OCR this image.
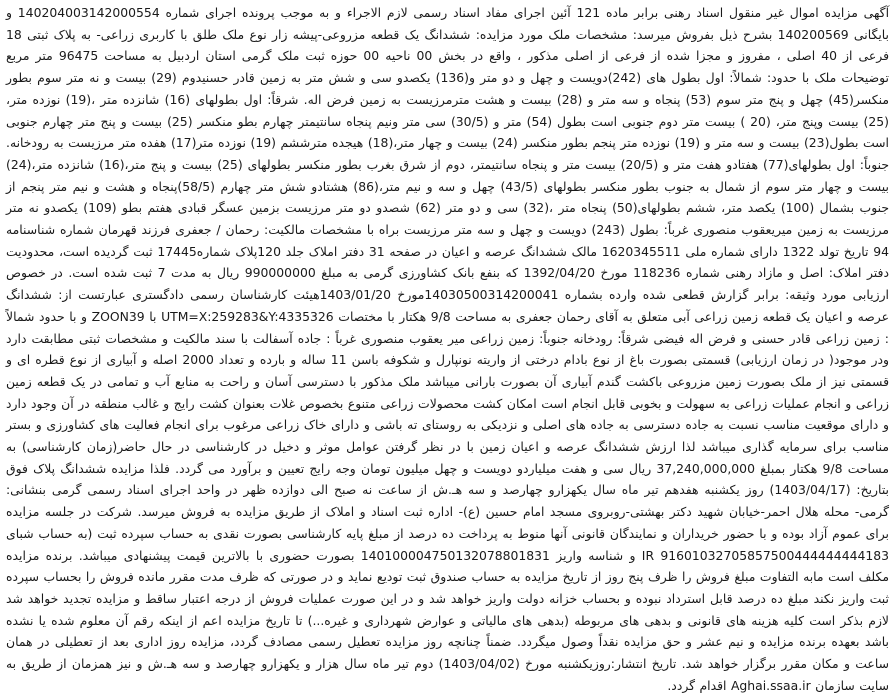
آگهی مزایده اموال غیر منقول اسناد رهنی برابر ماده 121 آئین اجرای مفاد اسناد رسمی لازم الاجراء و به موجب پرونده اجرای شماره 140204003142000554 و بایگانی 140200569 بشرح ذیل بفروش میرسد: مشخصات ملک مورد مزایده: ششدانگ یک قطعه مزروعی-پیشه زار نوع ملک طلق با کاربری زراعی- به پلاک ثبتی 18 فرعی از 40 اصلی ، مفروز و مجزا شده از فرعی از اصلی مذکور ، واقع در بخش 00 ناحیه 00 حوزه ثبت ملک گرمی استان اردبیل به مساحت 96475 متر مربع توضیحات ملک با حدود: شمالاً: اول بطول های (242)دویست و چهل و دو متر و(136) یکصدو سی و شش متر به زمین قادر حسنیدوم (29) بیست و نه متر سوم بطور منکسر(45) چهل و پنج متر سوم (53) پنجاه و سه متر و (28) بیست و هشت مترمرزیست به زمین فرض اله. شرقاً: اول بطولهای (16) شانزده متر ،(19) نوزده متر،(25) بیست وپنج متر، (20 ) بیست متر دوم جنوبی است بطول (54) متر و (30/5) سی متر ونیم پنجاه سانتیمتر چهارم بطو منکسر (25) بیست و پنج متر چهارم جنوبی است بطول(23) بیست و سه متر و (19) نوزده متر پنجم بطور منکسر (24) بیست و چهار متر،(18) هیجده مترششم (19) نوزده متر(17) هفده متر مرزیست به رودخانه. جنوباً: اول بطولهای(77) هفتادو هفت متر و (20/5) بیست متر و پنجاه سانتیمتر، دوم از شرق بغرب بطور منکسر بطولهای (25) بیست و پنج متر،(16) شانزده متر،(24) بیست و چهار متر سوم از شمال به جنوب بطور منکسر بطولهای (43/5) چهل و سه و نیم متر،(86) هشتادو شش متر چهارم (58/5)پنجاه و هشت و نیم متر پنجم از جنوب بشمال (100) یکصد متر، ششم بطولهای(50) پنجاه متر ،(32) سی و دو متر (62) شصدو دو متر مرزیست بزمین عسگر قبادی هفتم بطو (109) یکصدو نه متر مرزیست به زمین میریعقوب منصوری غرباً: بطول (243) دویست و چهل و سه متر مرزیست براه با مشخصات مالکیت: رحمان / جعفری فرزند قهرمان شماره شناسنامه 94 تاریخ تولد 1322 دارای شماره ملی 1620345511 مالک ششدانگ عرصه و اعیان در صفحه 31 دفتر املاک جلد 120پلاک شماره17445 ثبت گردیده است، محدودیت دفتر املاک: اصل و مازاد رهنی شماره 118236 مورخ 1392/04/20 که بنفع بانک کشاورزی گرمی به مبلغ 990000000 ریال به مدت 7 ثبت شده است. در خصوص ارزیابی مورد وثیقه: برابر گزارش قطعی شده وارده بشماره 14030500314200041مورخ 1403/01/20هیئت کارشناسان رسمی دادگستری عبارتست از: ششدانگ عرصه و اعیان یک قطعه زمین زراعی آبی متعلق به آقای رحمان جعفری به مساحت 9/8 هکتار با مختصات UTM=X:259283&Y:4335326 با ZOON39 و با حدود شمالاً : زمین زراعی قادر حسنی و فرض اله فیضی شرقاً: رودخانه جنوباً: زمین زراعی میر یعقوب منصوری غرباً : جاده آسفالت با سند مالکیت و مشخصات ثبتی مطابقت دارد ودر موجود( در زمان ارزیابی) قسمتی بصورت باغ از نوع بادام درختی از واریته نونپارل و شکوفه باسن 11 ساله و بارده و تعداد 2000 اصله و آبیاری از نوع قطره ای و قسمتی نیز از ملک بصورت زمین مزروعی باکشت گندم آبیاری آن بصورت بارانی میباشد ملک مذکور با دسترسی آسان و راحت به منابع آب و تمامی در یک قطعه زمین زراعی و انجام عملیات زراعی به سهولت و بخوبی قابل انجام است امکان کشت محصولات زراعی متنوع بخصوص غلات بعنوان کشت رایج و غالب منطقه در آن وجود دارد و دارای موقعیت مناسب نسبت به جاده دسترسی به جاده های اصلی و نزدیکی به روستای ته باشی و دارای خاک زراعی مرغوب برای انجام فعالیت های کشاورزی و بستر مناسب برای سرمایه گذاری میباشد لذا ارزش ششدانگ عرصه و اعیان زمین با در نظر گرفتن عوامل موثر و دخیل در کارشناسی در حال حاضر(زمان کارشناسی) به مساحت 9/8 هکتار بمبلغ 37,240,000,000 ریال سی و هفت میلیاردو دویست و چهل میلیون تومان وجه رایج تعیین و برآورد می گردد. فلذا مزایده ششدانگ پلاک فوق بتاریخ: (1403/04/17) روز یکشنبه هفدهم تیر ماه سال یکهزارو چهارصد و سه هـ.ش از ساعت نه صبح الی دوازده ظهر در واحد اجرای اسناد رسمی گرمی بنشانی: گرمی- محله هلال احمر-خیابان شهید دکتر بهشتی-روبروی مسجد امام حسین (ع)- اداره ثبت اسناد و املاک از طریق مزایده به فروش میرسد. شرکت در جلسه مزایده برای عموم آزاد بوده و با حضور خریداران و نمایندگان قانونی آنها منوط به پرداخت ده درصد از مبلغ پایه کارشناسی بصورت نقدی به حساب سپرده ثبت (به حساب شبای IR 91601032705857500444444444183 و شناسه واریز 140100004750132078801831 بصورت حضوری با بالاترین قیمت پیشنهادی میباشد. برنده مزایده مکلف است مابه التفاوت مبلغ فروش را ظرف پنج روز از تاریخ مزایده به حساب صندوق ثبت تودیع نماید و در صورتی که ظرف مدت مقرر مانده فروش را بحساب سپرده ثبت واریز نکند مبلغ ده درصد قابل استرداد نبوده و بحساب خزانه دولت واریز خواهد شد و در این صورت عملیات فروش از درجه اعتبار ساقط و مزایده تجدید خواهد شد لازم بذکر است کلیه هزینه های قانونی و بدهی های مربوطه (بدهی های مالیاتی و عوارض شهرداری و غیره...) تا تاریخ مزایده اعم از اینکه رقم آن معلوم شده یا نشده باشد بعهده برنده مزایده و نیم عشر و حق مزایده نقداً وصول میگردد. ضمناً چنانچه روز مزایده تعطیل رسمی مصادف گردد، مزایده روز اداری بعد از تعطیلی در همان ساعت و مکان مقرر برگزار خواهد شد. تاریخ انتشار:روزیکشنبه مورخ (1403/04/02) دوم تیر ماه سال هزار و یکهزارو چهارصد و سه هـ.ش و نیز همزمان از طریق به سایت سازمان Aghai.ssaa.ir اقدام گردد.
